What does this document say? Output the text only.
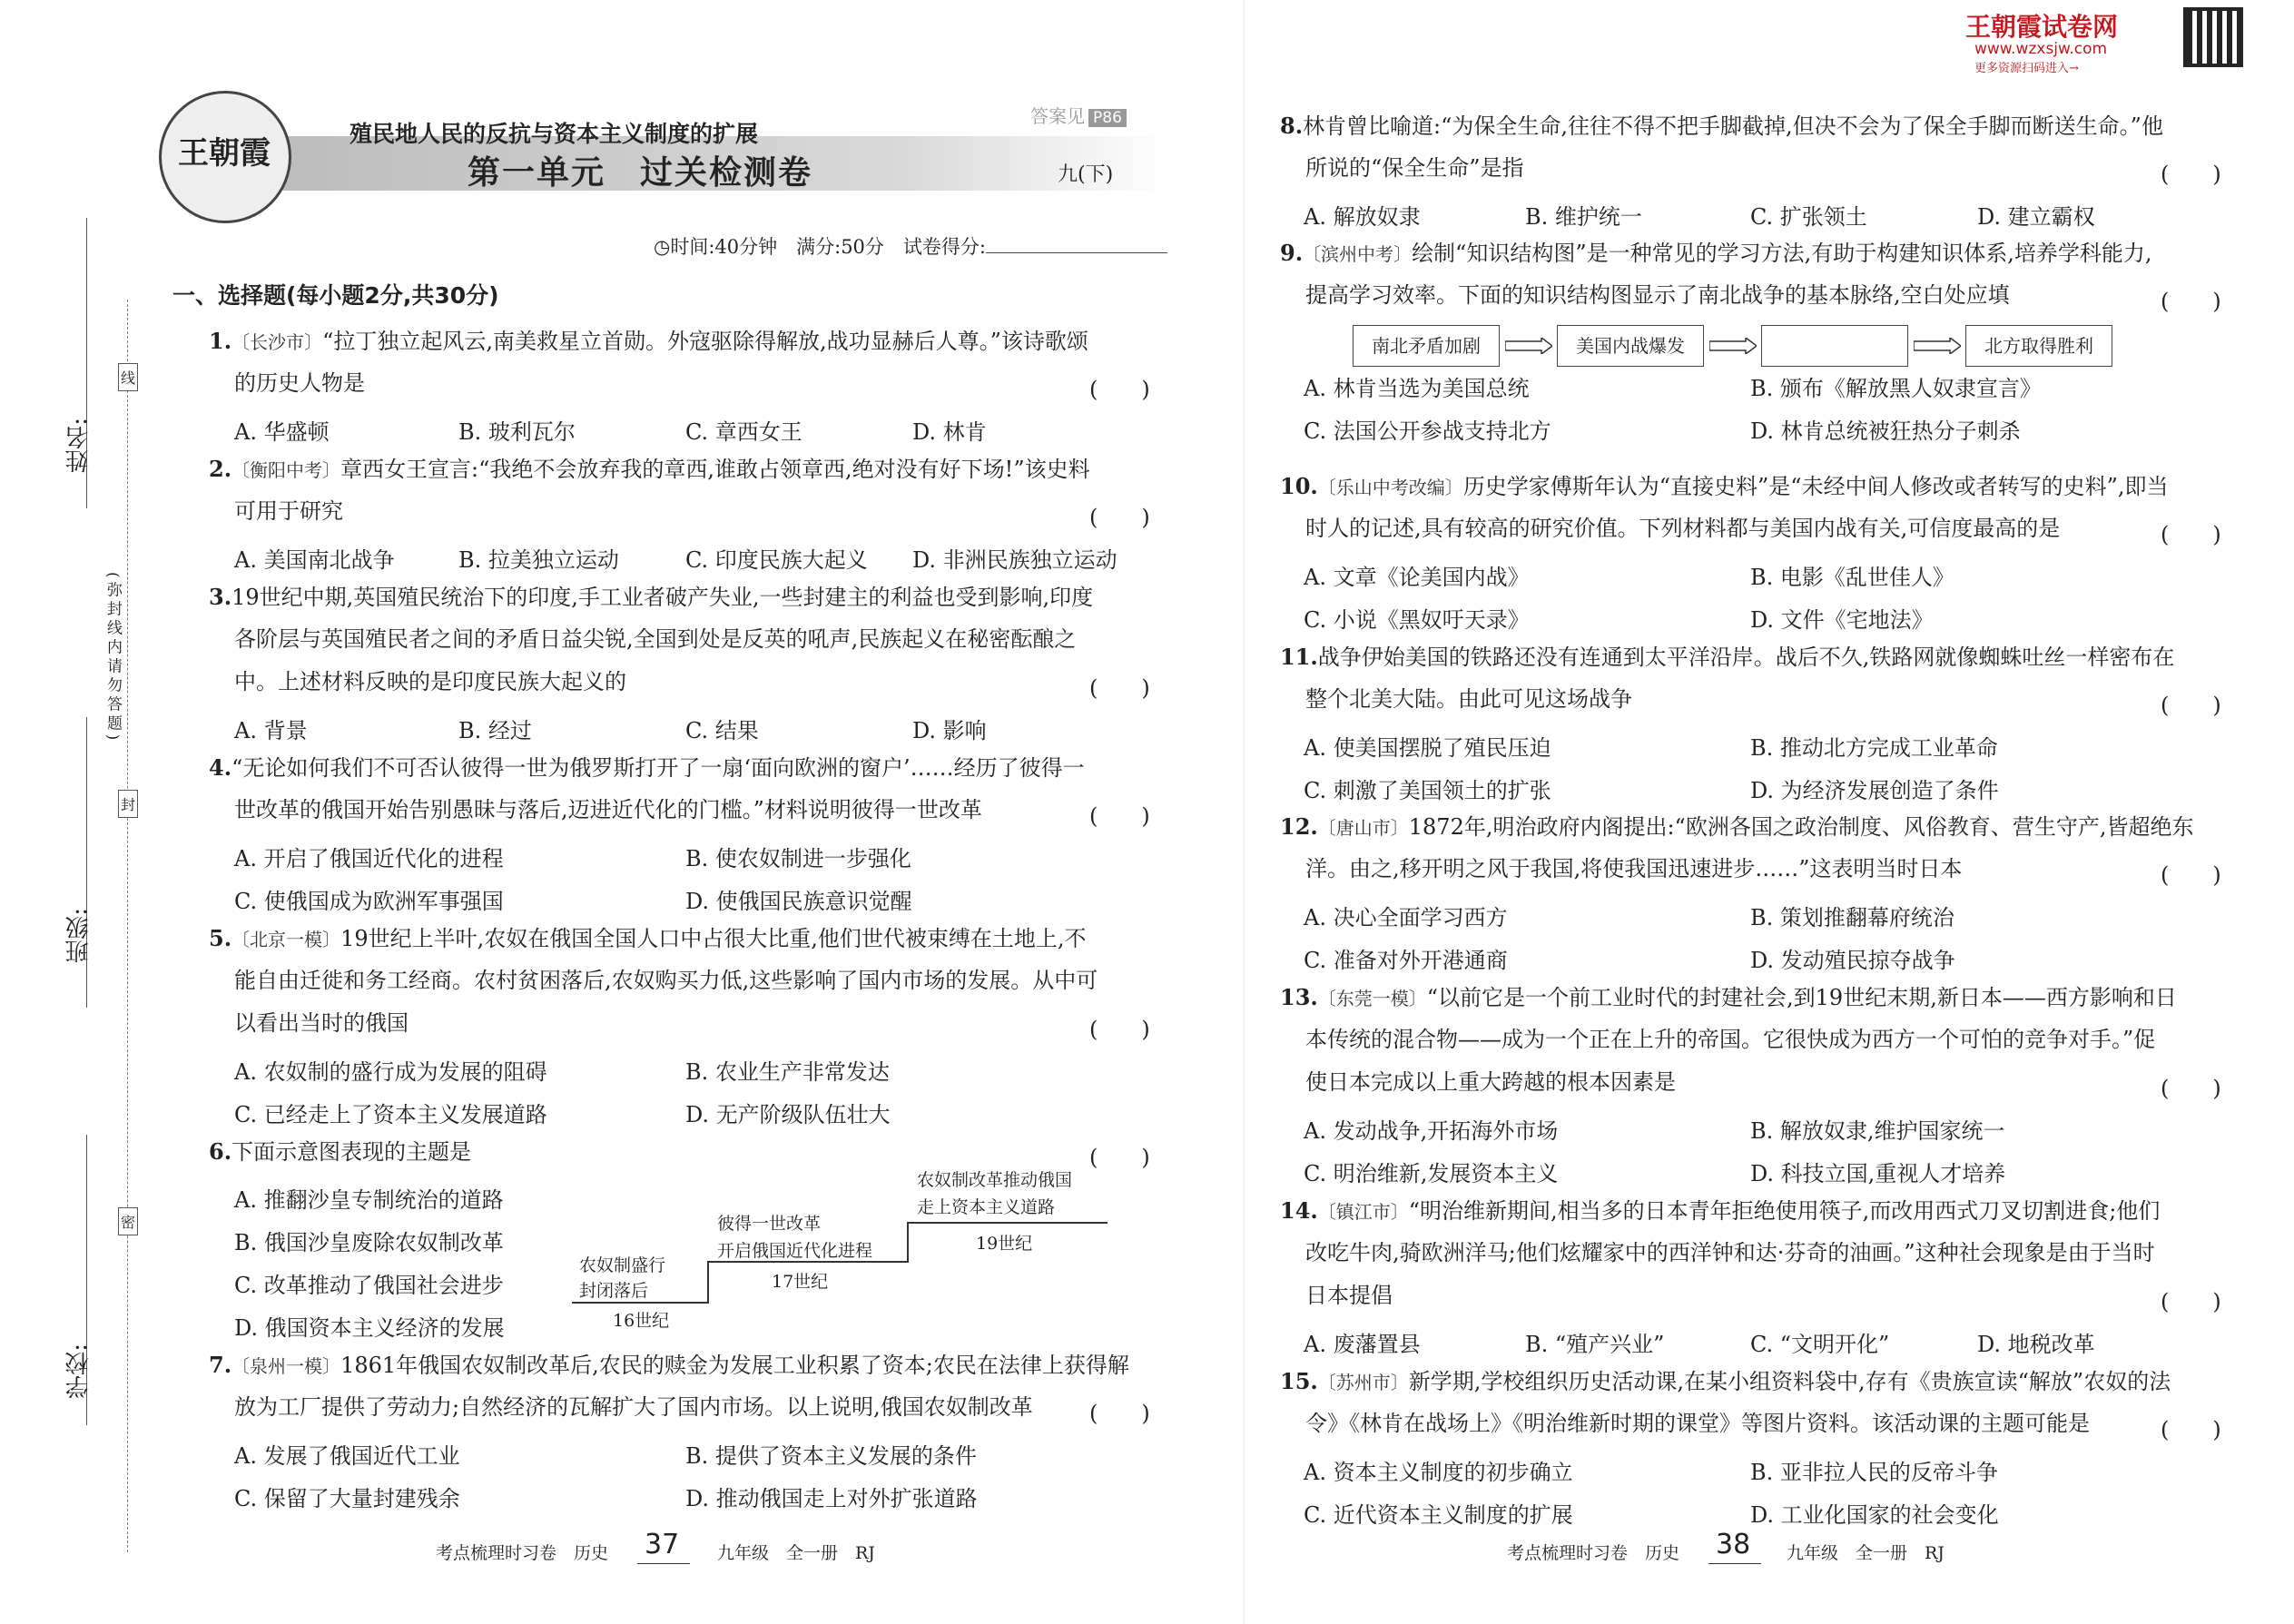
姓名:
班级:
学校:
线
(弥封线内请勿答题)
封
密
王朝霞
殖民地人民的反抗与资本主义制度的扩展
第一单元　过关检测卷
答案见 P86
九(下)
◷时间:40分钟　满分:50分　试卷得分:
王朝霞试卷网
www.wzxsjw.com
更多资源扫码进入→
一、选择题(每小题2分,共30分)
农奴制盛行
封闭落后
16世纪
彼得一世改革
开启俄国近代化进程
17世纪
农奴制改革推动俄国
走上资本主义道路
19世纪
南北矛盾加剧	美国内战爆发	北方取得胜利
考点梳理时习卷　历史 37 九年级　全一册　RJ	考点梳理时习卷　历史 38 九年级　全一册　RJ
1.〔长沙市〕“拉丁独立起风云,南美救星立首勋。外寇驱除得解放,战功显赫后人尊。”该诗歌颂
的历史人物是	(　　)
A. 华盛顿	B. 玻利瓦尔	C. 章西女王	D. 林肯
2.〔衡阳中考〕章西女王宣言:“我绝不会放弃我的章西,谁敢占领章西,绝对没有好下场!”该史料
可用于研究	(　　)
A. 美国南北战争	B. 拉美独立运动	C. 印度民族大起义 D. 非洲民族独立运动
3.19世纪中期,英国殖民统治下的印度,手工业者破产失业,一些封建主的利益也受到影响,印度
各阶层与英国殖民者之间的矛盾日益尖锐,全国到处是反英的吼声,民族起义在秘密酝酿之
中。上述材料反映的是印度民族大起义的	(　　)
A. 背景	B. 经过	C. 结果	D. 影响
4.“无论如何我们不可否认彼得一世为俄罗斯打开了一扇‘面向欧洲的窗户’……经历了彼得一
世改革的俄国开始告别愚昧与落后,迈进近代化的门槛。”材料说明彼得一世改革	(　　)
A. 开启了俄国近代化的进程	B. 使农奴制进一步强化
C. 使俄国成为欧洲军事强国	D. 使俄国民族意识觉醒
5.〔北京一模〕19世纪上半叶,农奴在俄国全国人口中占很大比重,他们世代被束缚在土地上,不
能自由迁徙和务工经商。农村贫困落后,农奴购买力低,这些影响了国内市场的发展。从中可
以看出当时的俄国	(　　)
A. 农奴制的盛行成为发展的阻碍	B. 农业生产非常发达
C. 已经走上了资本主义发展道路	D. 无产阶级队伍壮大
6.下面示意图表现的主题是	(　　)
A. 推翻沙皇专制统治的道路
B. 俄国沙皇废除农奴制改革
C. 改革推动了俄国社会进步
D. 俄国资本主义经济的发展
7.〔泉州一模〕1861年俄国农奴制改革后,农民的赎金为发展工业积累了资本;农民在法律上获得解
放为工厂提供了劳动力;自然经济的瓦解扩大了国内市场。以上说明,俄国农奴制改革	(　　)
A. 发展了俄国近代工业	B. 提供了资本主义发展的条件
C. 保留了大量封建残余	D. 推动俄国走上对外扩张道路
8.林肯曾比喻道:“为保全生命,往往不得不把手脚截掉,但决不会为了保全手脚而断送生命。”他
所说的“保全生命”是指	(　　)
A. 解放奴隶	B. 维护统一	C. 扩张领土	D. 建立霸权
9.〔滨州中考〕绘制“知识结构图”是一种常见的学习方法,有助于构建知识体系,培养学科能力,
提高学习效率。下面的知识结构图显示了南北战争的基本脉络,空白处应填	(　　)
A. 林肯当选为美国总统	B. 颁布《解放黑人奴隶宣言》
C. 法国公开参战支持北方	D. 林肯总统被狂热分子刺杀
10.〔乐山中考改编〕历史学家傅斯年认为“直接史料”是“未经中间人修改或者转写的史料”,即当
时人的记述,具有较高的研究价值。下列材料都与美国内战有关,可信度最高的是	(　　)
A. 文章《论美国内战》	B. 电影《乱世佳人》
C. 小说《黑奴吁天录》	D. 文件《宅地法》
11.战争伊始美国的铁路还没有连通到太平洋沿岸。战后不久,铁路网就像蜘蛛吐丝一样密布在
整个北美大陆。由此可见这场战争	(　　)
A. 使美国摆脱了殖民压迫	B. 推动北方完成工业革命
C. 刺激了美国领土的扩张	D. 为经济发展创造了条件
12.〔唐山市〕1872年,明治政府内阁提出:“欧洲各国之政治制度、风俗教育、营生守产,皆超绝东
洋。由之,移开明之风于我国,将使我国迅速进步……”这表明当时日本	(　　)
A. 决心全面学习西方	B. 策划推翻幕府统治
C. 准备对外开港通商	D. 发动殖民掠夺战争
13.〔东莞一模〕“以前它是一个前工业时代的封建社会,到19世纪末期,新日本——西方影响和日
本传统的混合物——成为一个正在上升的帝国。它很快成为西方一个可怕的竞争对手。”促
使日本完成以上重大跨越的根本因素是	(　　)
A. 发动战争,开拓海外市场	B. 解放奴隶,维护国家统一
C. 明治维新,发展资本主义	D. 科技立国,重视人才培养
14.〔镇江市〕“明治维新期间,相当多的日本青年拒绝使用筷子,而改用西式刀叉切割进食;他们
改吃牛肉,骑欧洲洋马;他们炫耀家中的西洋钟和达·芬奇的油画。”这种社会现象是由于当时
日本提倡	(　　)
A. 废藩置县	B. “殖产兴业”	C. “文明开化”	D. 地税改革
15.〔苏州市〕新学期,学校组织历史活动课,在某小组资料袋中,存有《贵族宣读“解放”农奴的法
令》《林肯在战场上》《明治维新时期的课堂》等图片资料。该活动课的主题可能是	(　　)
A. 资本主义制度的初步确立	B. 亚非拉人民的反帝斗争
C. 近代资本主义制度的扩展	D. 工业化国家的社会变化
